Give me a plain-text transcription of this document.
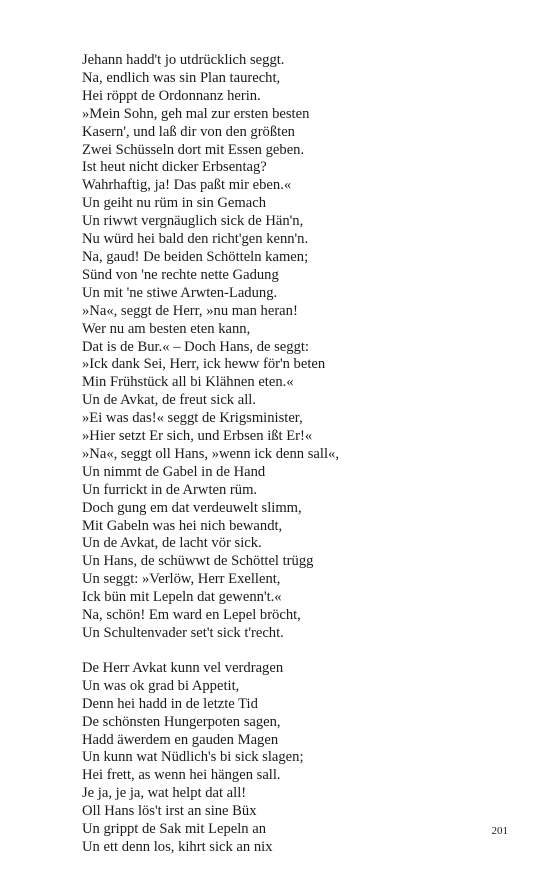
Jehann hadd't jo utdrücklich seggt.
Na, endlich was sin Plan taurecht,
Hei röppt de Ordonnanz herin.
»Mein Sohn, geh mal zur ersten besten
Kasern', und laß dir von den größten
Zwei Schüsseln dort mit Essen geben.
Ist heut nicht dicker Erbsentag?
Wahrhaftig, ja! Das paßt mir eben.«
Un geiht nu rüm in sin Gemach
Un riwwt vergnäuglich sick de Hän'n,
Nu würd hei bald den richt'gen kenn'n.
Na, gaud! De beiden Schötteln kamen;
Sünd von 'ne rechte nette Gadung
Un mit 'ne stiwe Arwten-Ladung.
»Na«, seggt de Herr, »nu man heran!
Wer nu am besten eten kann,
Dat is de Bur.« – Doch Hans, de seggt:
»Ick dank Sei, Herr, ick heww för'n beten
Min Frühstück all bi Klähnen eten.«
Un de Avkat, de freut sick all.
»Ei was das!« seggt de Krigsminister,
»Hier setzt Er sich, und Erbsen ißt Er!«
»Na«, seggt oll Hans, »wenn ick denn sall«,
Un nimmt de Gabel in de Hand
Un furrickt in de Arwten rüm.
Doch gung em dat verdeuwelt slimm,
Mit Gabeln was hei nich bewandt,
Un de Avkat, de lacht vör sick.
Un Hans, de schüwwt de Schöttel trügg
Un seggt: »Verlöw, Herr Exellent,
Ick bün mit Lepeln dat gewenn't.«
Na, schön! Em ward en Lepel bröcht,
Un Schultenvader set't sick t'recht.
De Herr Avkat kunn vel verdragen
Un was ok grad bi Appetit,
Denn hei hadd in de letzte Tid
De schönsten Hungerpoten sagen,
Hadd äwerdem en gauden Magen
Un kunn wat Nüdlich's bi sick slagen;
Hei frett, as wenn hei hängen sall.
Je ja, je ja, wat helpt dat all!
Oll Hans lös't irst an sine Büx
Un grippt de Sak mit Lepeln an
Un ett denn los, kihrt sick an nix
201
